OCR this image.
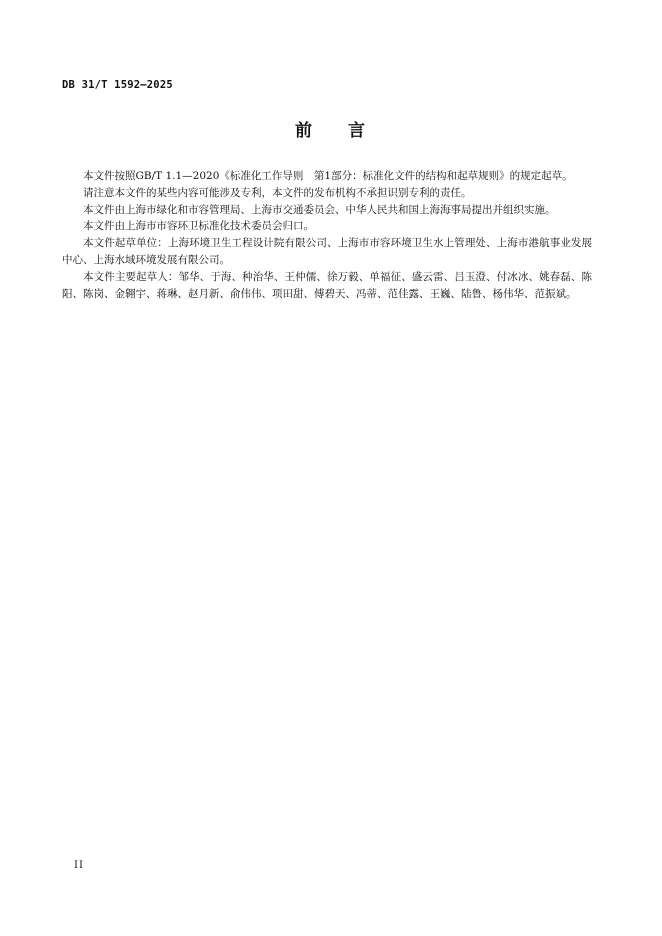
DB 31/T 1592—2025
前 言

本文件按照GB/T 1.1—2020《标准化工作导则　第1部分：标准化文件的结构和起草规则》的规定起草。

请注意本文件的某些内容可能涉及专利，本文件的发布机构不承担识别专利的责任。

本文件由上海市绿化和市容管理局、上海市交通委员会、中华人民共和国上海海事局提出并组织实施。

本文件由上海市市容环卫标准化技术委员会归口。

本文件起草单位：上海环境卫生工程设计院有限公司、上海市市容环境卫生水上管理处、上海市港航事业发展中心、上海水域环境发展有限公司。

本文件主要起草人：邹华、于海、种治华、王仲儒、徐万毅、单福征、盛云雷、吕玉澄、付冰冰、姚春磊、陈阳、陈岗、金翱宇、蒋琳、赵月新、俞伟伟、项田甜、傅碧天、冯蒂、范佳露、王巍、陆鲁、杨伟华、范振斌。

II
